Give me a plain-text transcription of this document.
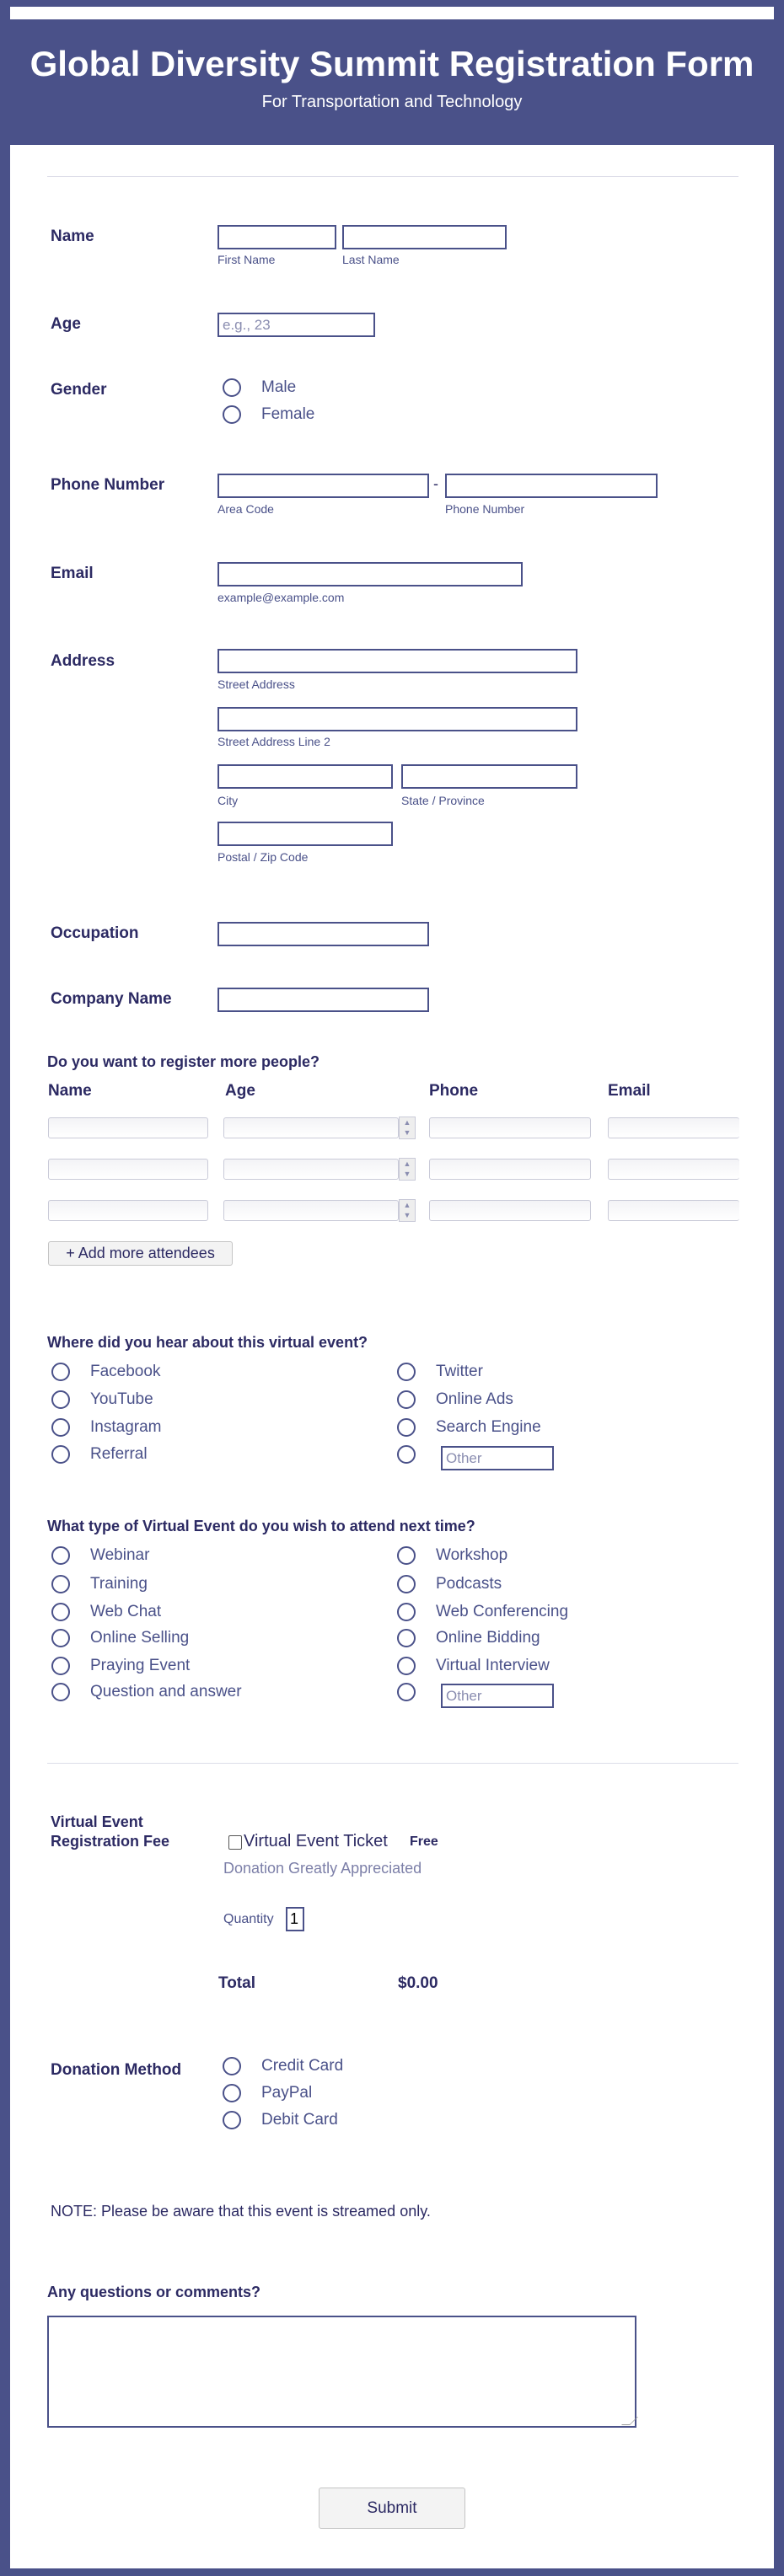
Global Diversity Summit Registration Form
For Transportation and Technology
Name
First Name	Last Name
Age	e.g., 23
Gender	Male
Female
Phone Number	-
Area Code	Phone Number
Email
example@example.com
Address
Street Address
Street Address Line 2
City	State / Province
Postal / Zip Code
Occupation
Company Name
Do you want to register more people?
Name	Age	Phone	Email
▲
▼
▲
▼
▲
▼
+ Add more attendees
Where did you hear about this virtual event?
Facebook
YouTube
Instagram
Referral
Twitter
Online Ads
Search Engine
Other
What type of Virtual Event do you wish to attend next time?
Webinar
Training
Web Chat
Online Selling
Praying Event
Question and answer
Workshop
Podcasts
Web Conferencing
Online Bidding
Virtual Interview
Other
Virtual Event
Registration Fee	Virtual Event Ticket Free
Donation Greatly Appreciated
Quantity 1
Total	$0.00
Donation Method	Credit Card
PayPal
Debit Card
NOTE: Please be aware that this event is streamed only.
Any questions or comments?
Submit
